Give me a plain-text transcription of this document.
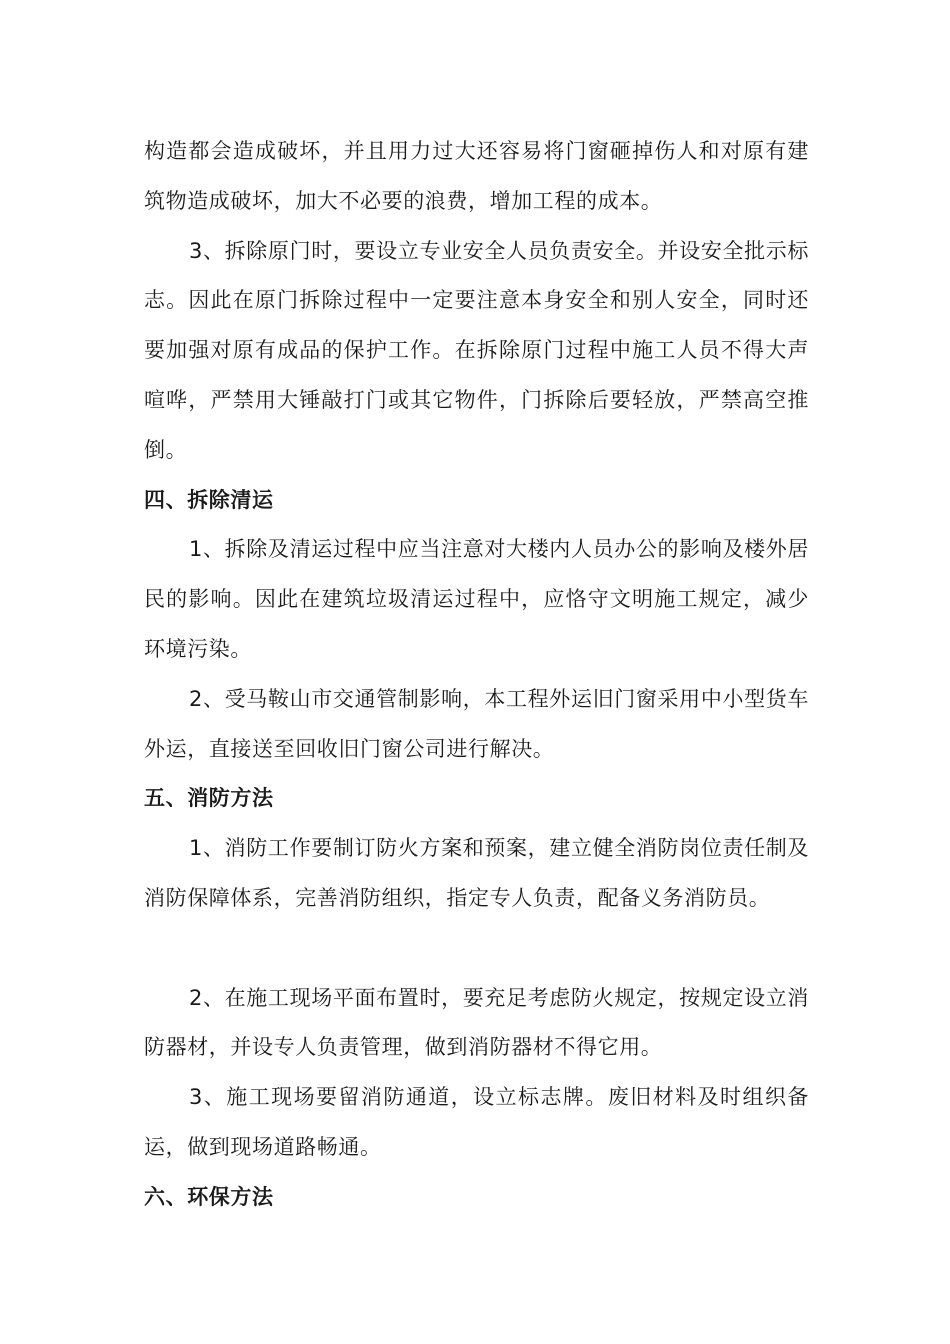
构造都会造成破坏，并且用力过大还容易将门窗砸掉伤人和对原有建筑物造成破坏，加大不必要的浪费，增加工程的成本。

3、拆除原门时，要设立专业安全人员负责安全。并设安全批示标志。因此在原门拆除过程中一定要注意本身安全和别人安全，同时还要加强对原有成品的保护工作。在拆除原门过程中施工人员不得大声喧哗，严禁用大锤敲打门或其它物件，门拆除后要轻放，严禁高空推倒。

四、拆除清运

1、拆除及清运过程中应当注意对大楼内人员办公的影响及楼外居民的影响。因此在建筑垃圾清运过程中，应恪守文明施工规定，减少环境污染。

2、受马鞍山市交通管制影响，本工程外运旧门窗采用中小型货车外运，直接送至回收旧门窗公司进行解决。

五、消防方法

1、消防工作要制订防火方案和预案，建立健全消防岗位责任制及消防保障体系，完善消防组织，指定专人负责，配备义务消防员。

2、在施工现场平面布置时，要充足考虑防火规定，按规定设立消防器材，并设专人负责管理，做到消防器材不得它用。

3、施工现场要留消防通道，设立标志牌。废旧材料及时组织备运，做到现场道路畅通。

六、环保方法
